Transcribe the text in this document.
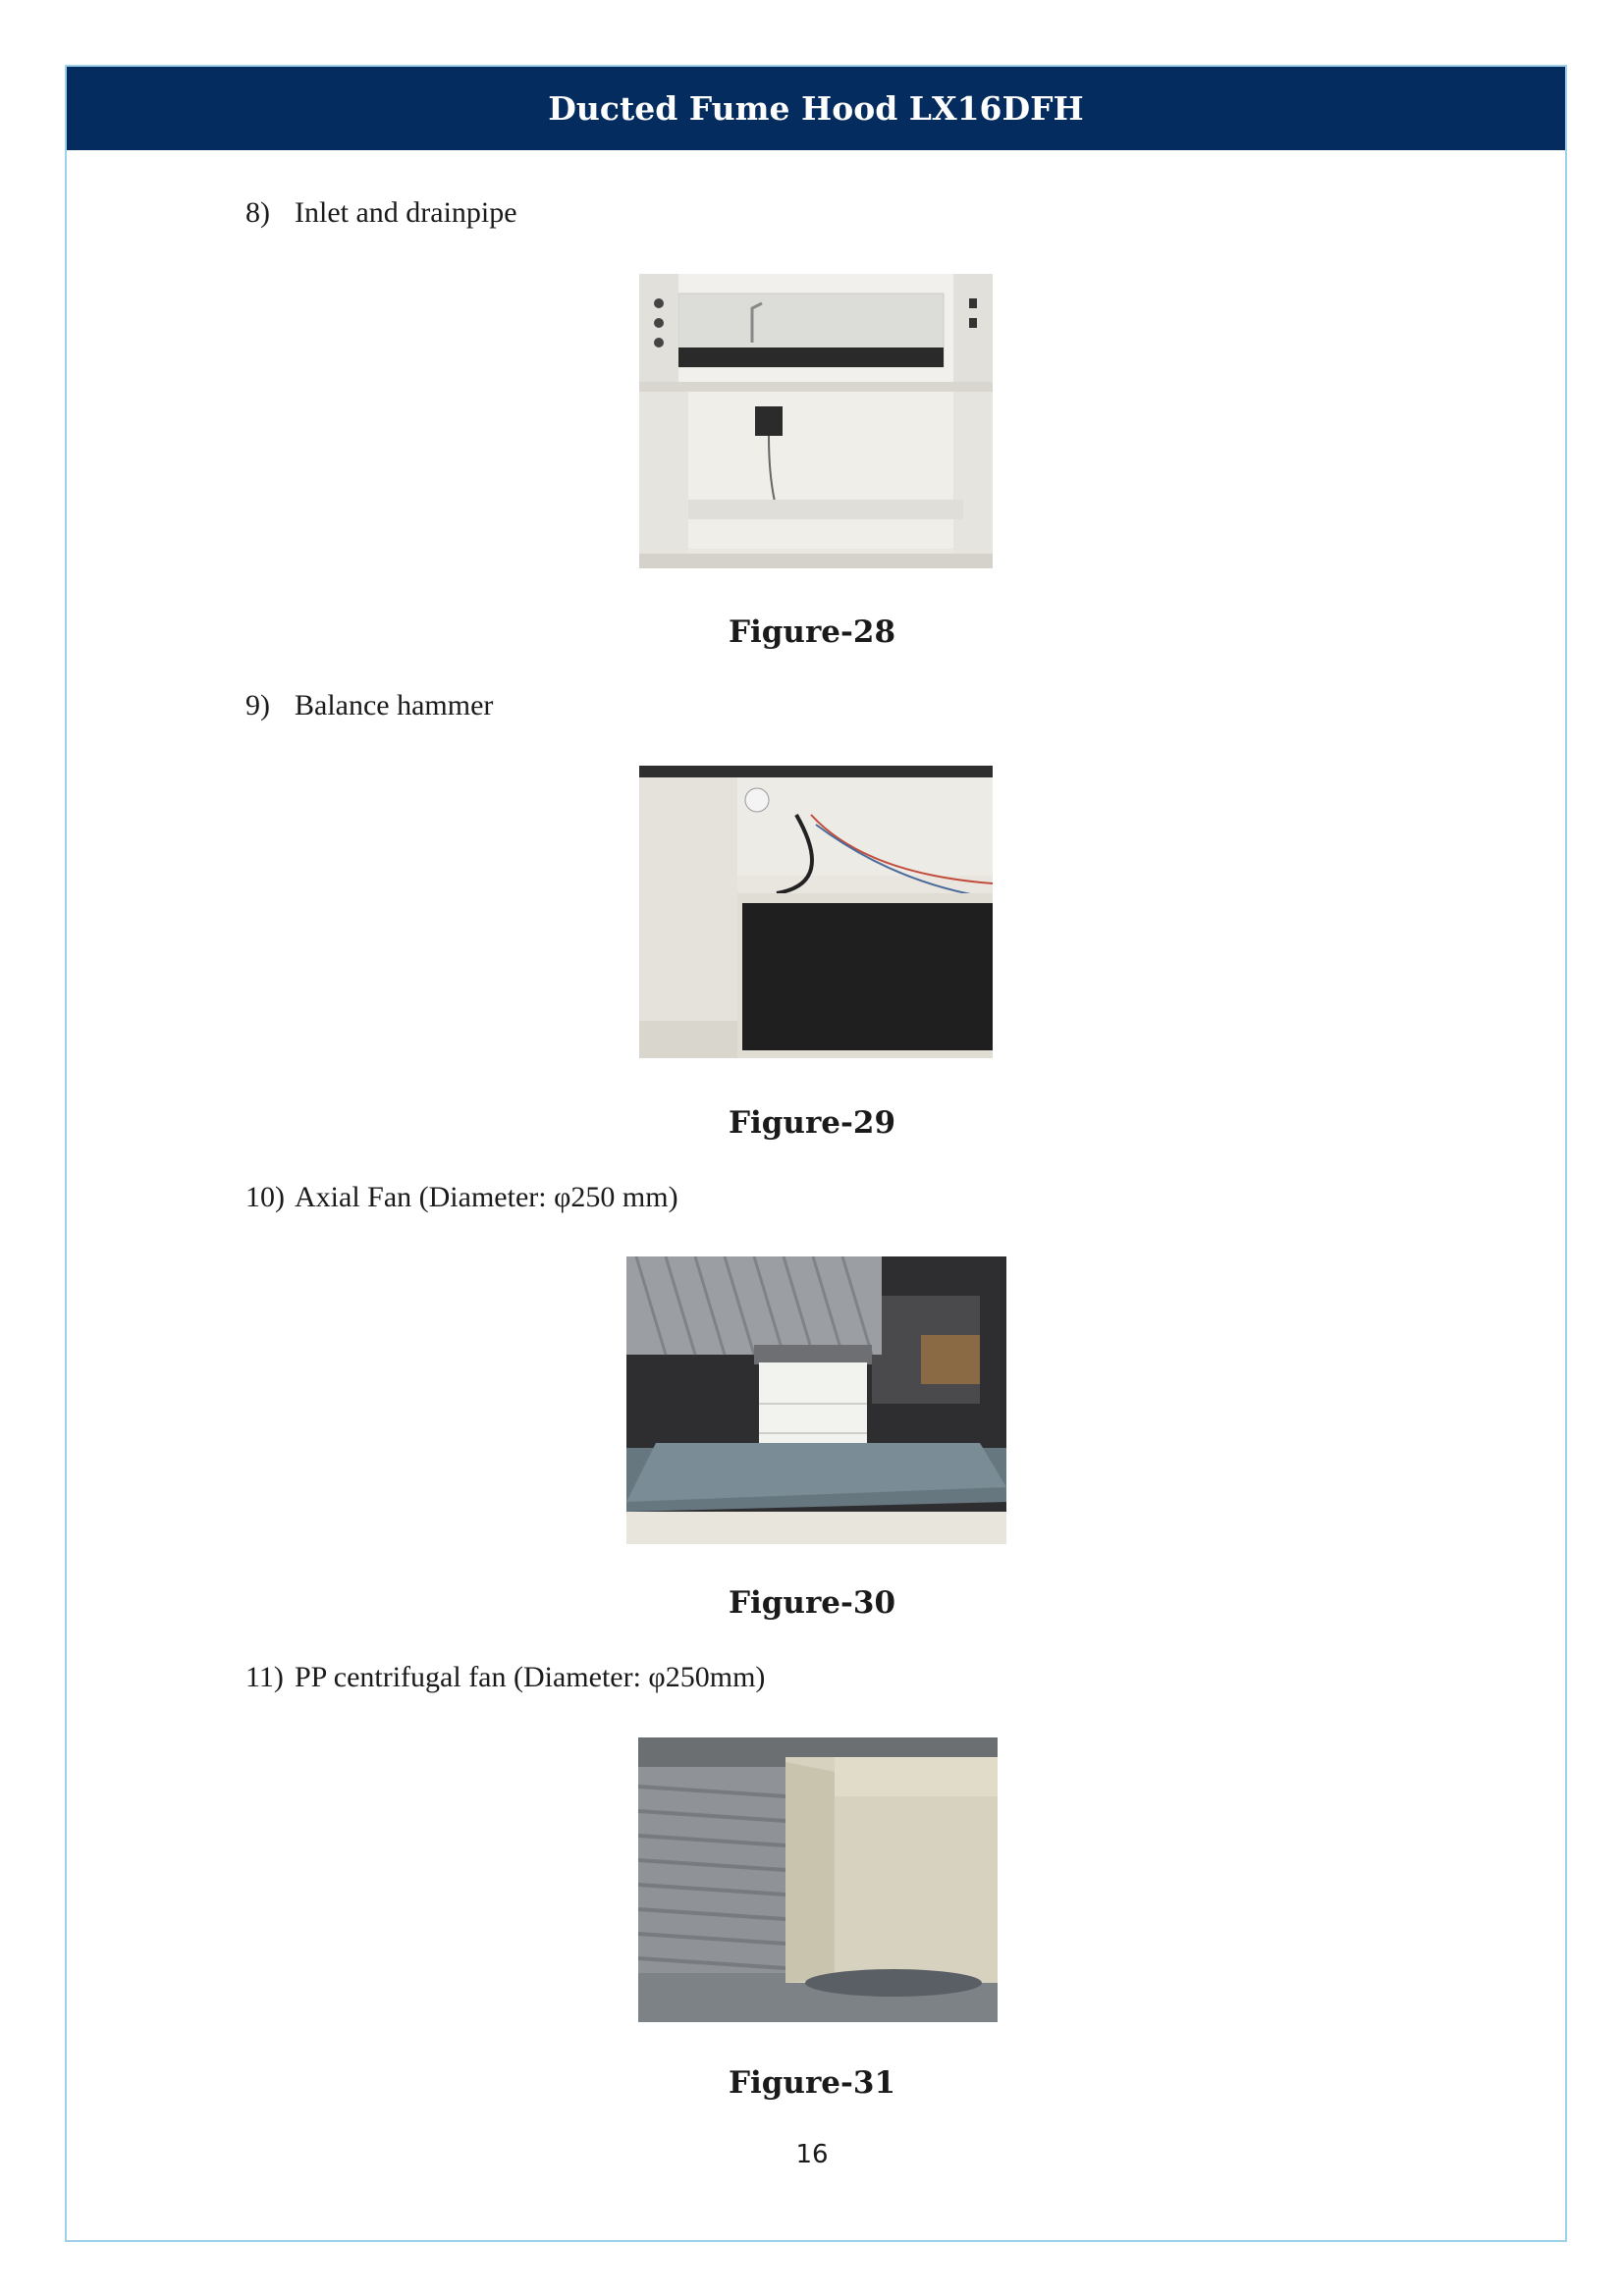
Ducted Fume Hood LX16DFH
8) Inlet and drainpipe
Figure-28
9) Balance hammer
Figure-29
10) Axial Fan (Diameter: φ250 mm)
Figure-30
11) PP centrifugal fan (Diameter: φ250mm)
Figure-31
16
